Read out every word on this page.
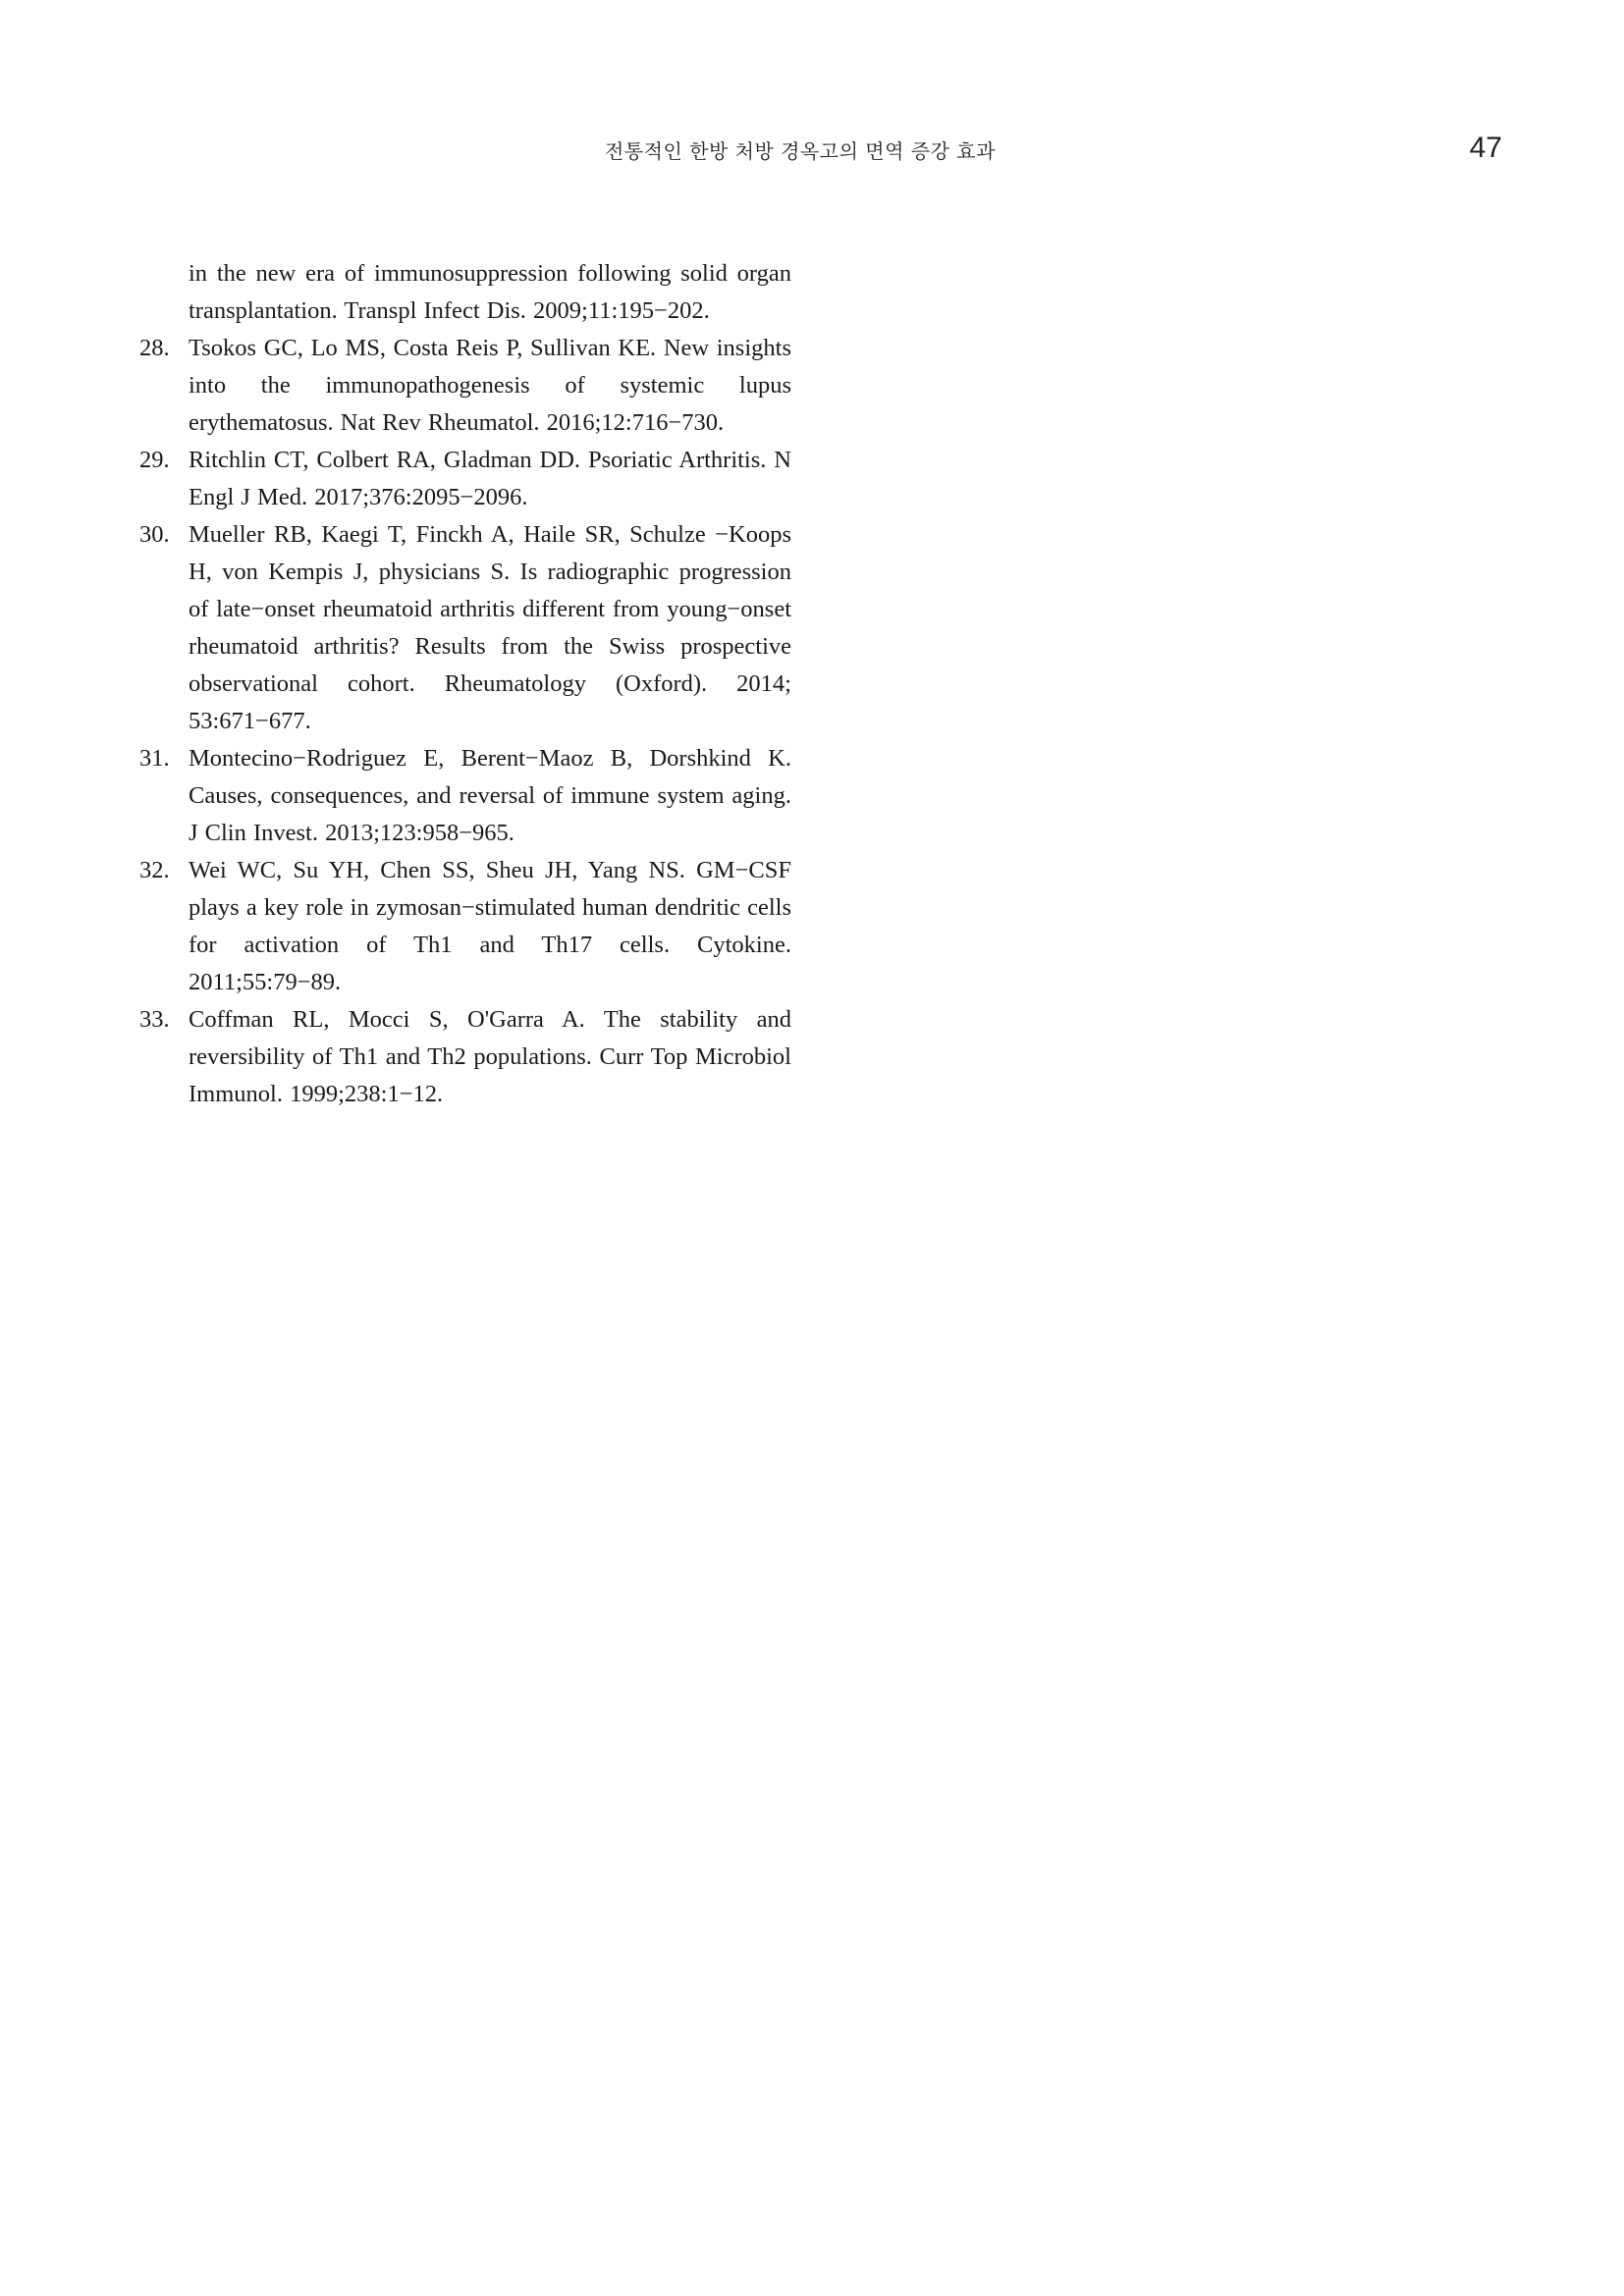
전통적인 한방 처방 경옥고의 면역 증강 효과	47
in the new era of immunosuppression following solid organ transplantation. Transpl Infect Dis. 2009;11:195−202.
28. Tsokos GC, Lo MS, Costa Reis P, Sullivan KE. New insights into the immunopathogenesis of systemic lupus erythematosus. Nat Rev Rheumatol. 2016;12:716−730.
29. Ritchlin CT, Colbert RA, Gladman DD. Psoriatic Arthritis. N Engl J Med. 2017;376:2095−2096.
30. Mueller RB, Kaegi T, Finckh A, Haile SR, Schulze −Koops H, von Kempis J, physicians S. Is radiographic progression of late−onset rheumatoid arthritis different from young−onset rheumatoid arthritis? Results from the Swiss prospective observational cohort. Rheumatology (Oxford). 2014; 53:671−677.
31. Montecino−Rodriguez E, Berent−Maoz B, Dorshkind K. Causes, consequences, and reversal of immune system aging. J Clin Invest. 2013;123:958−965.
32. Wei WC, Su YH, Chen SS, Sheu JH, Yang NS. GM−CSF plays a key role in zymosan−stimulated human dendritic cells for activation of Th1 and Th17 cells. Cytokine. 2011;55:79−89.
33. Coffman RL, Mocci S, O'Garra A. The stability and reversibility of Th1 and Th2 populations. Curr Top Microbiol Immunol. 1999;238:1−12.
